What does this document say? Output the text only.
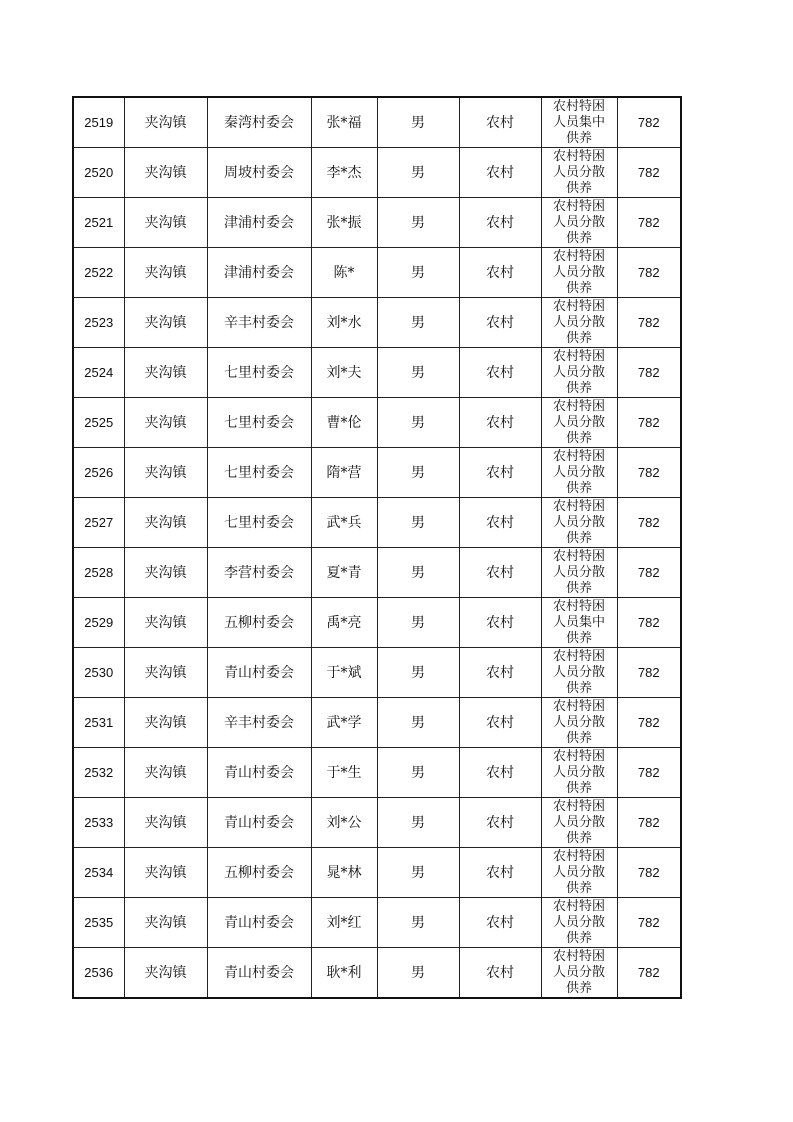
2519	夹沟镇	秦湾村委会	张*福	男	农村	农村特困人员集中供养	782
2520	夹沟镇	周坡村委会	李*杰	男	农村	农村特困人员分散供养	782
2521	夹沟镇	津浦村委会	张*振	男	农村	农村特困人员分散供养	782
2522	夹沟镇	津浦村委会	陈*	男	农村	农村特困人员分散供养	782
2523	夹沟镇	辛丰村委会	刘*水	男	农村	农村特困人员分散供养	782
2524	夹沟镇	七里村委会	刘*夫	男	农村	农村特困人员分散供养	782
2525	夹沟镇	七里村委会	曹*伦	男	农村	农村特困人员分散供养	782
2526	夹沟镇	七里村委会	隋*营	男	农村	农村特困人员分散供养	782
2527	夹沟镇	七里村委会	武*兵	男	农村	农村特困人员分散供养	782
2528	夹沟镇	李营村委会	夏*青	男	农村	农村特困人员分散供养	782
2529	夹沟镇	五柳村委会	禹*亮	男	农村	农村特困人员集中供养	782
2530	夹沟镇	青山村委会	于*斌	男	农村	农村特困人员分散供养	782
2531	夹沟镇	辛丰村委会	武*学	男	农村	农村特困人员分散供养	782
2532	夹沟镇	青山村委会	于*生	男	农村	农村特困人员分散供养	782
2533	夹沟镇	青山村委会	刘*公	男	农村	农村特困人员分散供养	782
2534	夹沟镇	五柳村委会	晁*林	男	农村	农村特困人员分散供养	782
2535	夹沟镇	青山村委会	刘*红	男	农村	农村特困人员分散供养	782
2536	夹沟镇	青山村委会	耿*利	男	农村	农村特困人员分散供养	782
